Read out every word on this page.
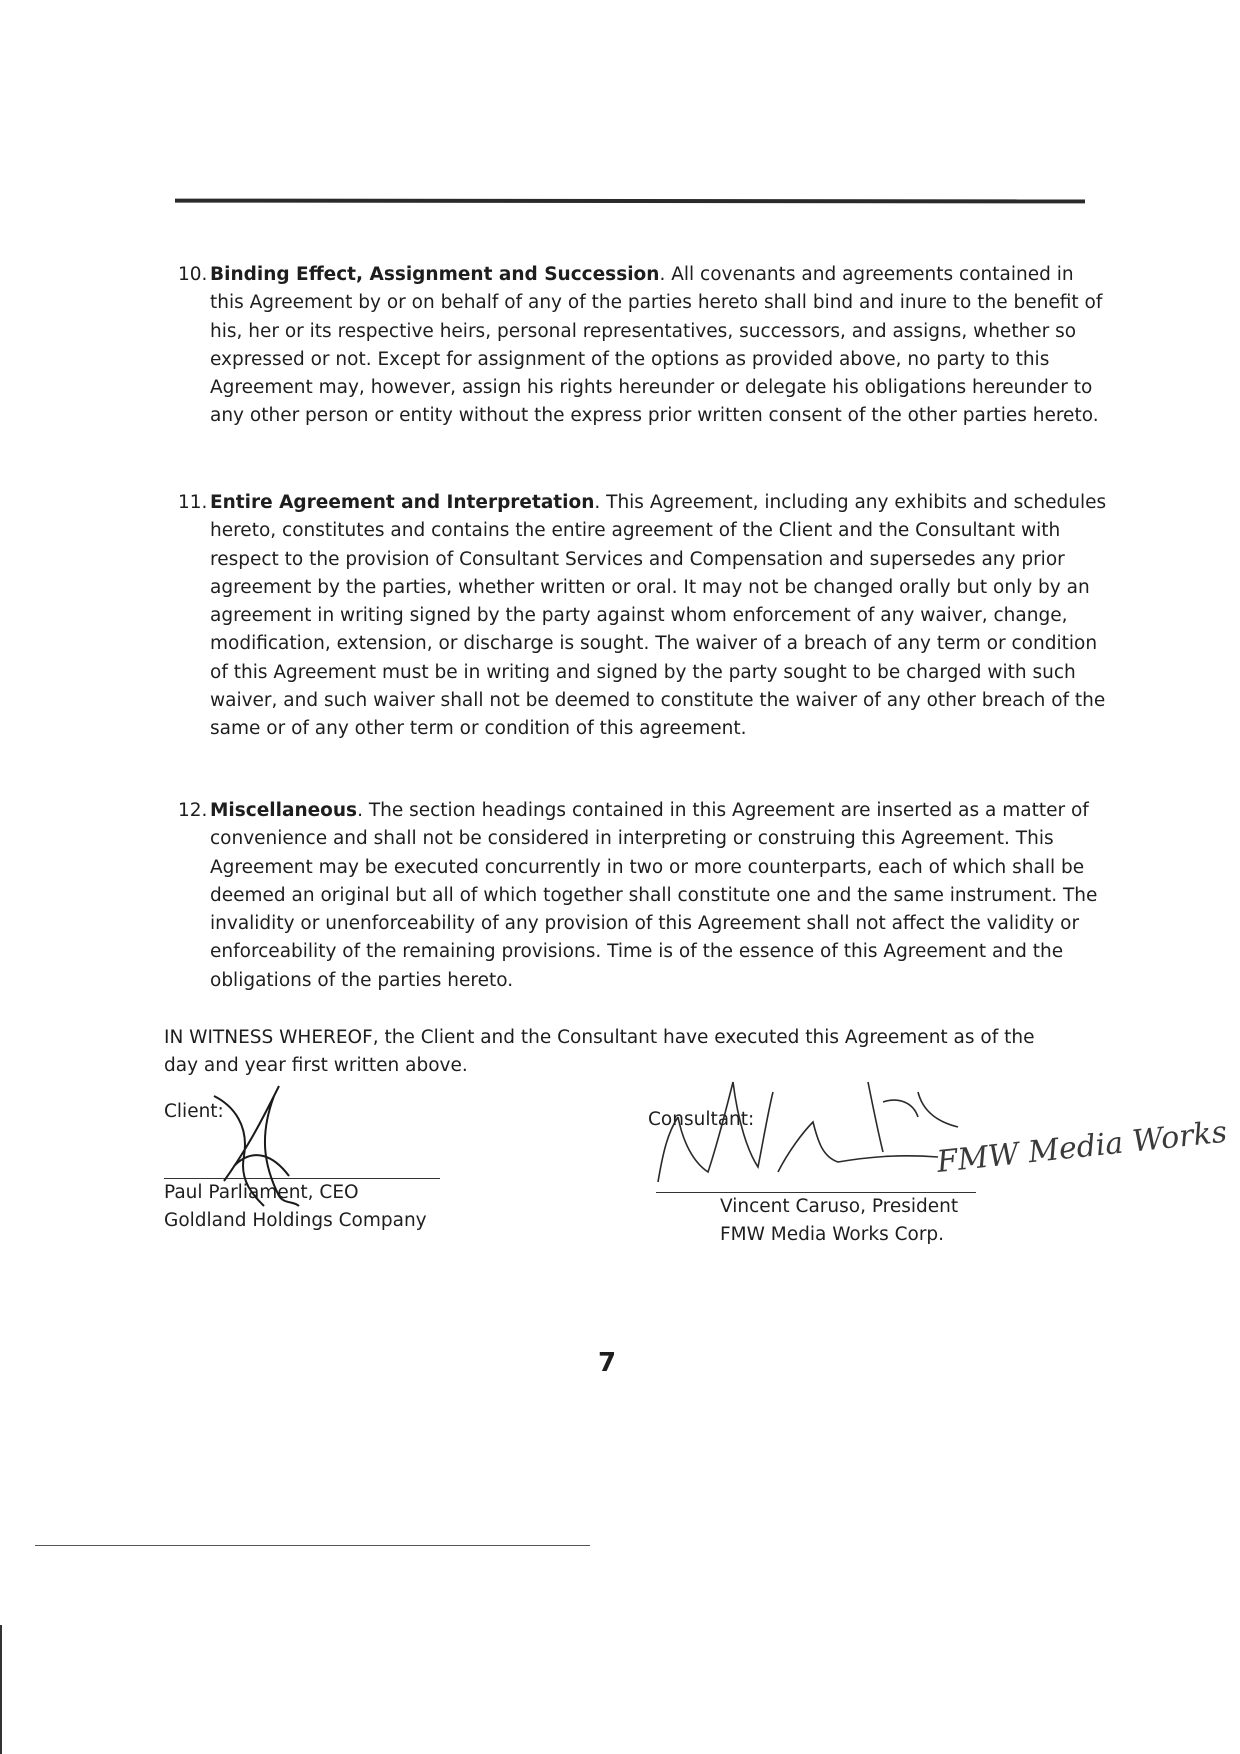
10. Binding Effect, Assignment and Succession. All covenants and agreements contained in this Agreement by or on behalf of any of the parties hereto shall bind and inure to the benefit of his, her or its respective heirs, personal representatives, successors, and assigns, whether so expressed or not. Except for assignment of the options as provided above, no party to this Agreement may, however, assign his rights hereunder or delegate his obligations hereunder to any other person or entity without the express prior written consent of the other parties hereto.
11. Entire Agreement and Interpretation. This Agreement, including any exhibits and schedules hereto, constitutes and contains the entire agreement of the Client and the Consultant with respect to the provision of Consultant Services and Compensation and supersedes any prior agreement by the parties, whether written or oral. It may not be changed orally but only by an agreement in writing signed by the party against whom enforcement of any waiver, change, modification, extension, or discharge is sought. The waiver of a breach of any term or condition of this Agreement must be in writing and signed by the party sought to be charged with such waiver, and such waiver shall not be deemed to constitute the waiver of any other breach of the same or of any other term or condition of this agreement.
12. Miscellaneous. The section headings contained in this Agreement are inserted as a matter of convenience and shall not be considered in interpreting or construing this Agreement. This Agreement may be executed concurrently in two or more counterparts, each of which shall be deemed an original but all of which together shall constitute one and the same instrument. The invalidity or unenforceability of any provision of this Agreement shall not affect the validity or enforceability of the remaining provisions. Time is of the essence of this Agreement and the obligations of the parties hereto.
IN WITNESS WHEREOF, the Client and the Consultant have executed this Agreement as of the day and year first written above.
Client:
Paul Parliament, CEO
Goldland Holdings Company
Consultant:
Vincent Caruso, President
FMW Media Works Corp.
FMW Media Works
7
